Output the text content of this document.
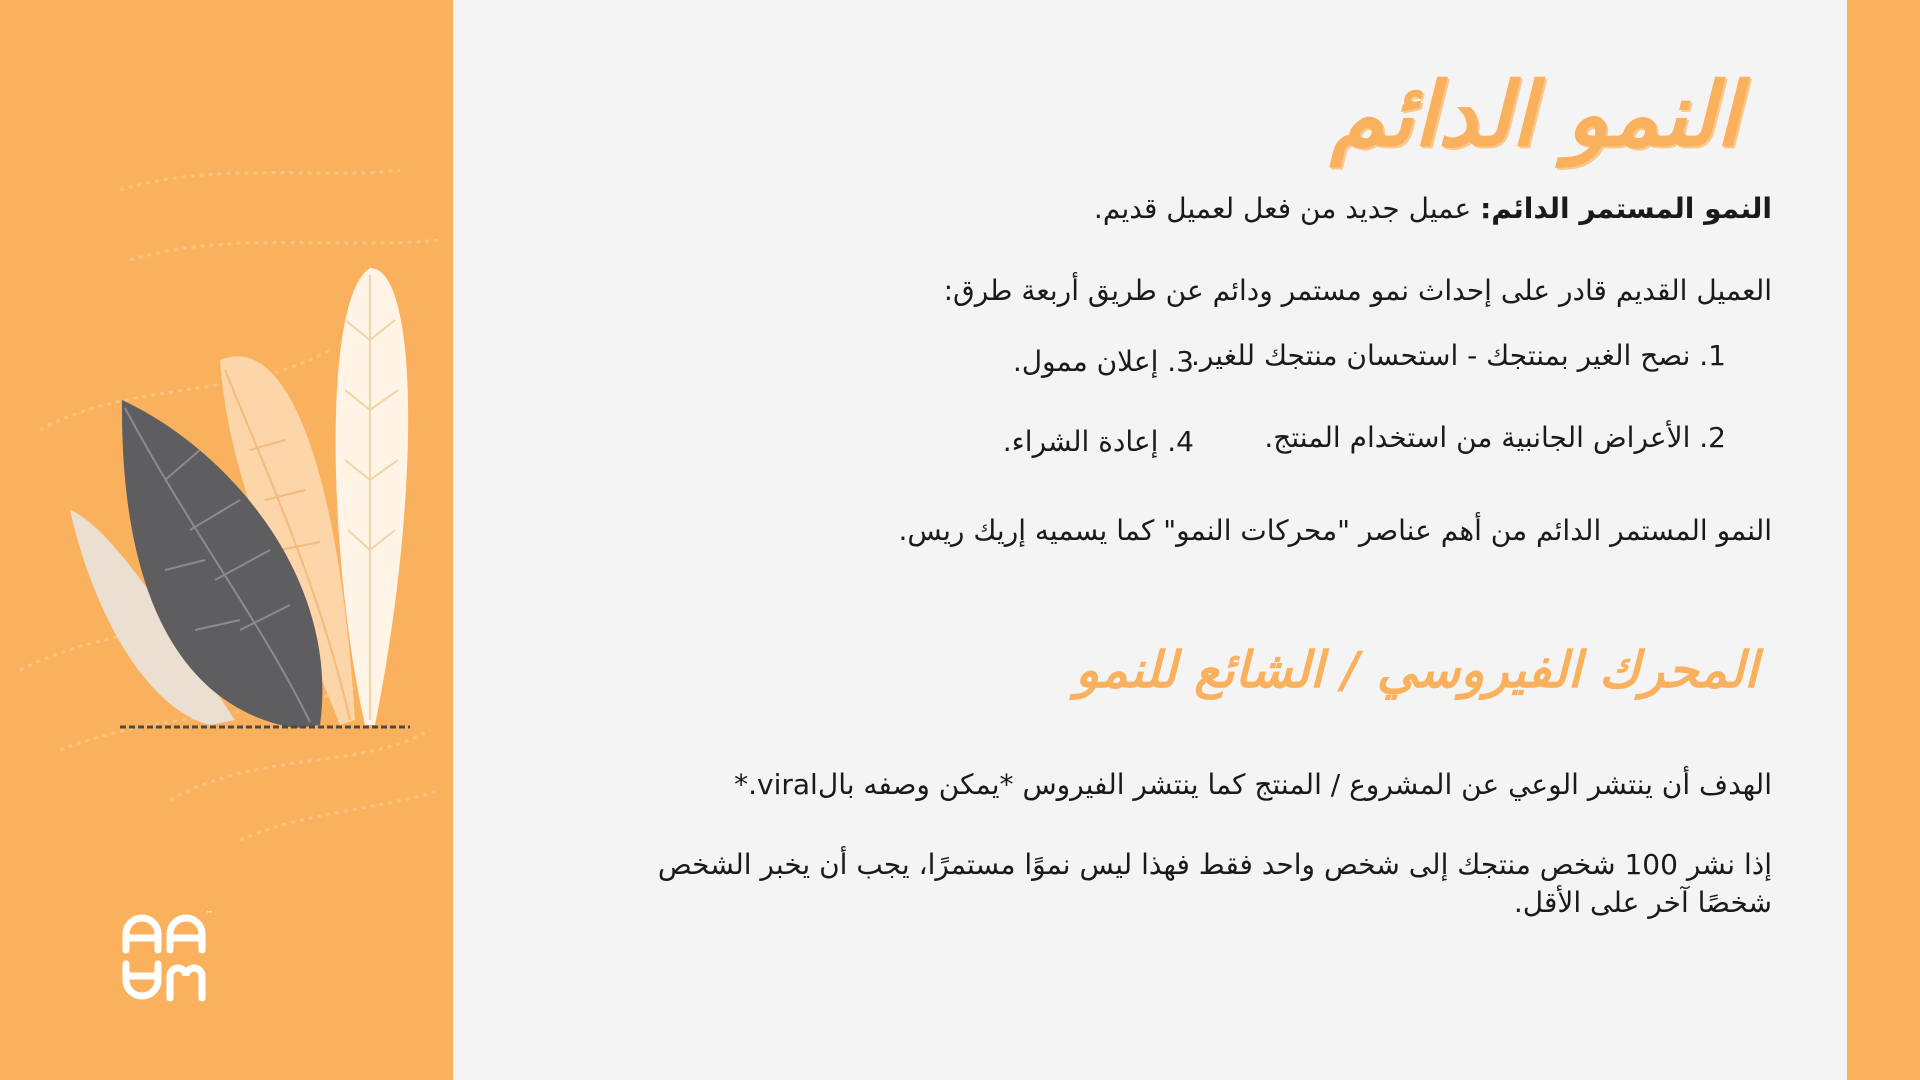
™
النمو الدائم
النمو المستمر الدائم: عميل جديد من فعل لعميل قديم.
العميل القديم قادر على إحداث نمو مستمر ودائم عن طريق أربعة طرق:
1. نصح الغير بمنتجك - استحسان منتجك للغير.
2. الأعراض الجانبية من استخدام المنتج.
3. إعلان ممول.
4. إعادة الشراء.
النمو المستمر الدائم من أهم عناصر "محركات النمو" كما يسميه إريك ريس.
المحرك الفيروسي / الشائع للنمو
الهدف أن ينتشر الوعي عن المشروع / المنتج كما ينتشر الفيروس *يمكن وصفه بالviral.*
إذا نشر 100 شخص منتجك إلى شخص واحد فقط فهذا ليس نموًا مستمرًا، يجب أن يخبر الشخص شخصًا آخر على الأقل.
